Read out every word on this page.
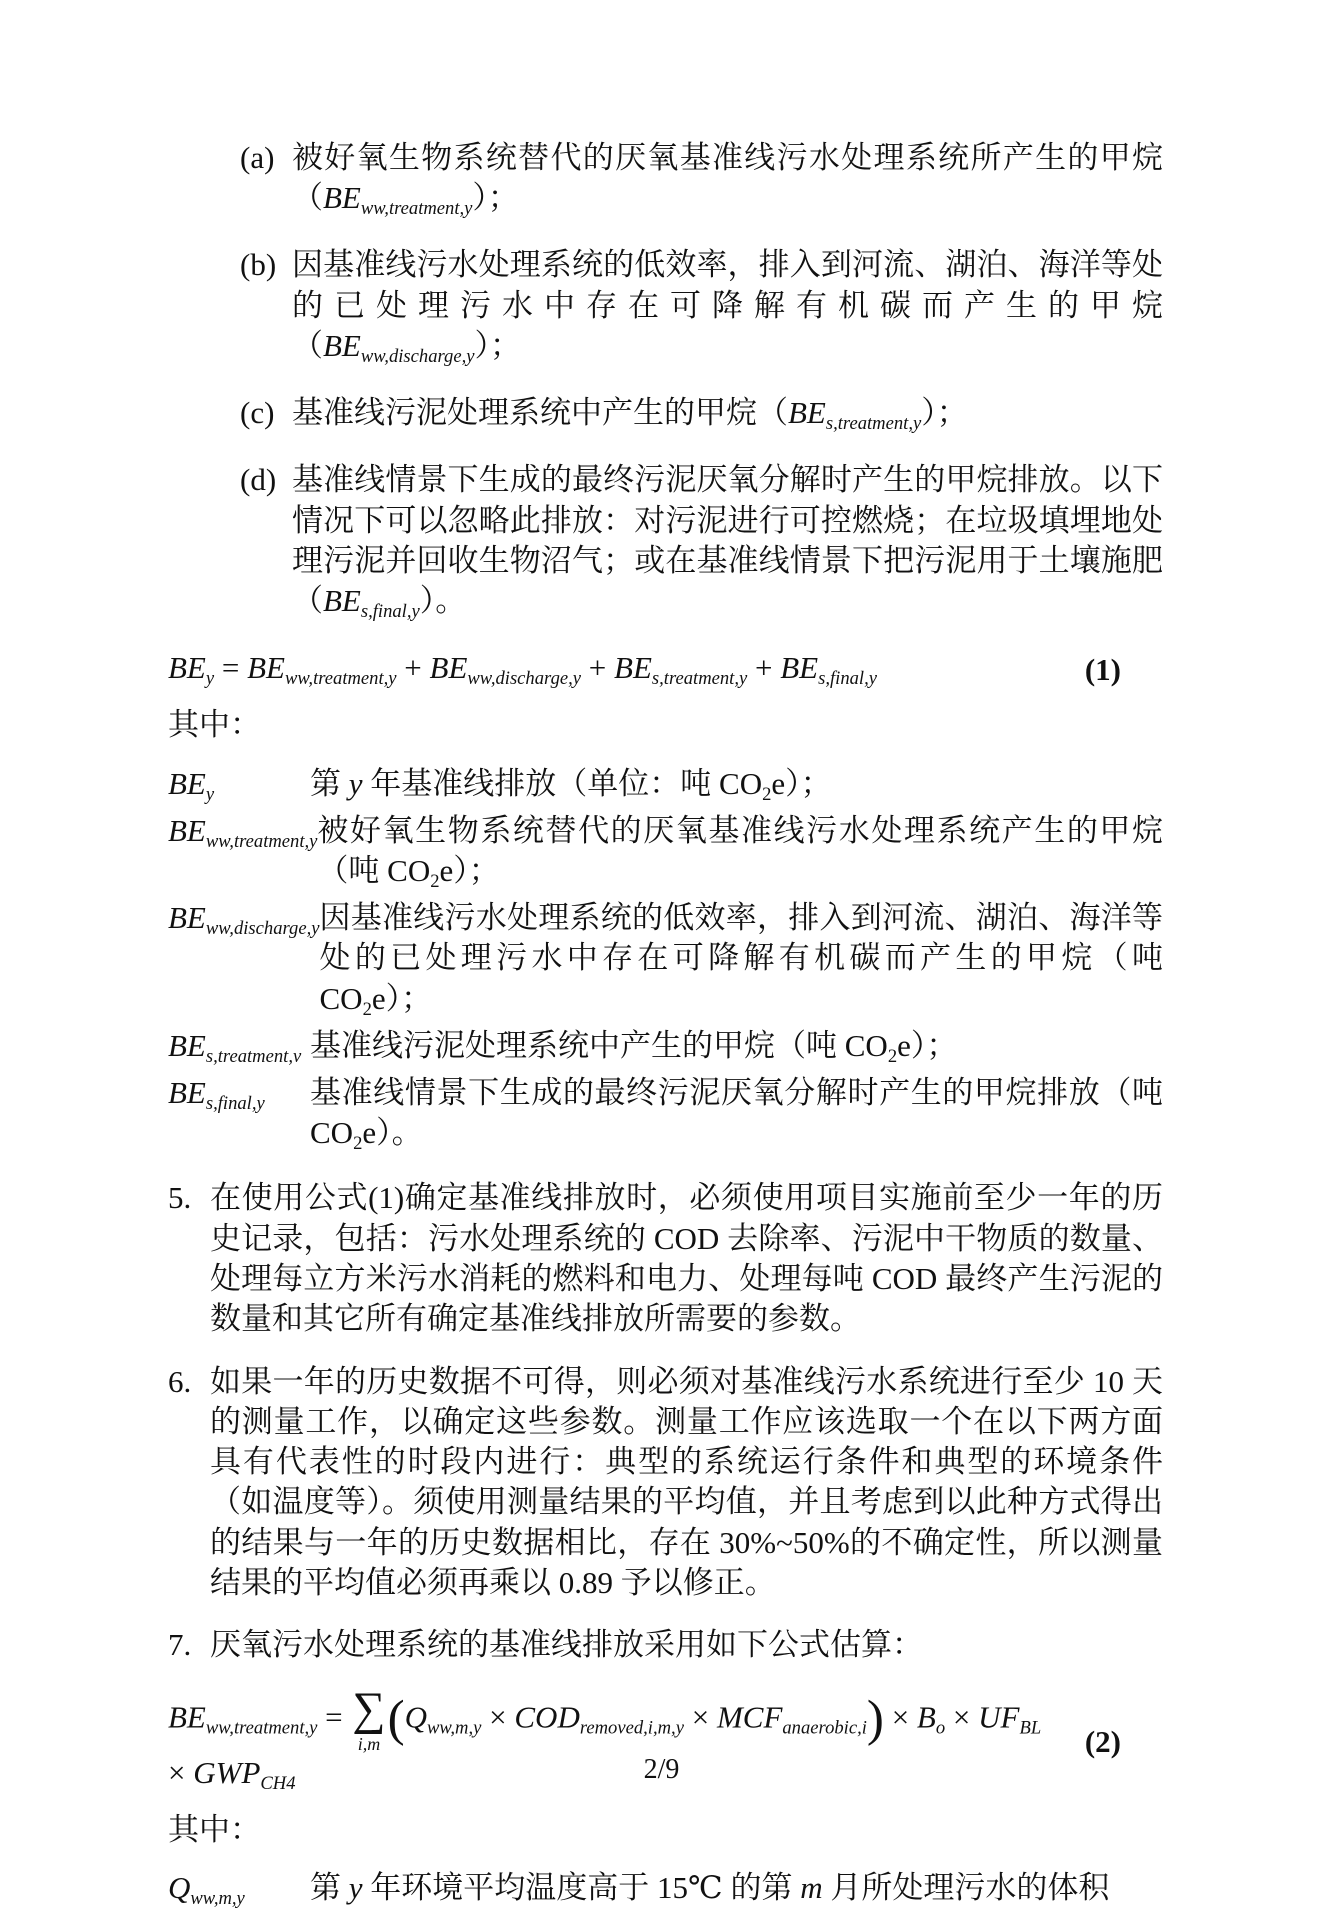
(a) 被好氧生物系统替代的厌氧基准线污水处理系统所产生的甲烷（BEww,treatment,y）；
(b) 因基准线污水处理系统的低效率，排入到河流、湖泊、海洋等处的已处理污水中存在可降解有机碳而产生的甲烷（BEww,discharge,y）；
(c) 基准线污泥处理系统中产生的甲烷（BEs,treatment,y）；
(d) 基准线情景下生成的最终污泥厌氧分解时产生的甲烷排放。以下情况下可以忽略此排放：对污泥进行可控燃烧；在垃圾填埋地处理污泥并回收生物沼气；或在基准线情景下把污泥用于土壤施肥（BEs,final,y）。
BEy = BEww,treatment,y + BEww,discharge,y + BEs,treatment,y + BEs,final,y	(1)

其中：

BEy	第 y 年基准线排放（单位：吨 CO2e）；
BEww,treatment,y 被好氧生物系统替代的厌氧基准线污水处理系统产生的甲烷（吨 CO2e）；
BEww,discharge,y 因基准线污水处理系统的低效率，排入到河流、湖泊、海洋等处的已处理污水中存在可降解有机碳而产生的甲烷（吨 CO2e）；
BEs,treatment,v 基准线污泥处理系统中产生的甲烷（吨 CO2e）；
BEs,final,y	基准线情景下生成的最终污泥厌氧分解时产生的甲烷排放（吨 CO2e）。
5. 在使用公式(1)确定基准线排放时，必须使用项目实施前至少一年的历史记录，包括：污水处理系统的 COD 去除率、污泥中干物质的数量、处理每立方米污水消耗的燃料和电力、处理每吨 COD 最终产生污泥的数量和其它所有确定基准线排放所需要的参数。
6. 如果一年的历史数据不可得，则必须对基准线污水系统进行至少 10 天的测量工作，以确定这些参数。测量工作应该选取一个在以下两方面具有代表性的时段内进行：典型的系统运行条件和典型的环境条件（如温度等）。须使用测量结果的平均值，并且考虑到以此种方式得出的结果与一年的历史数据相比，存在 30%~50%的不确定性，所以测量结果的平均值必须再乘以 0.89 予以修正。
7. 厌氧污水处理系统的基准线排放采用如下公式估算：
BEww,treatment,y = ∑
i,m (Qww,m,y × CODremoved,i,m,y × MCFanaerobic,i) × Bo × UFBL × GWPCH4
(2)

其中：

Qww,m,y	第 y 年环境平均温度高于 15℃ 的第 m 月所处理污水的体积
2/9
